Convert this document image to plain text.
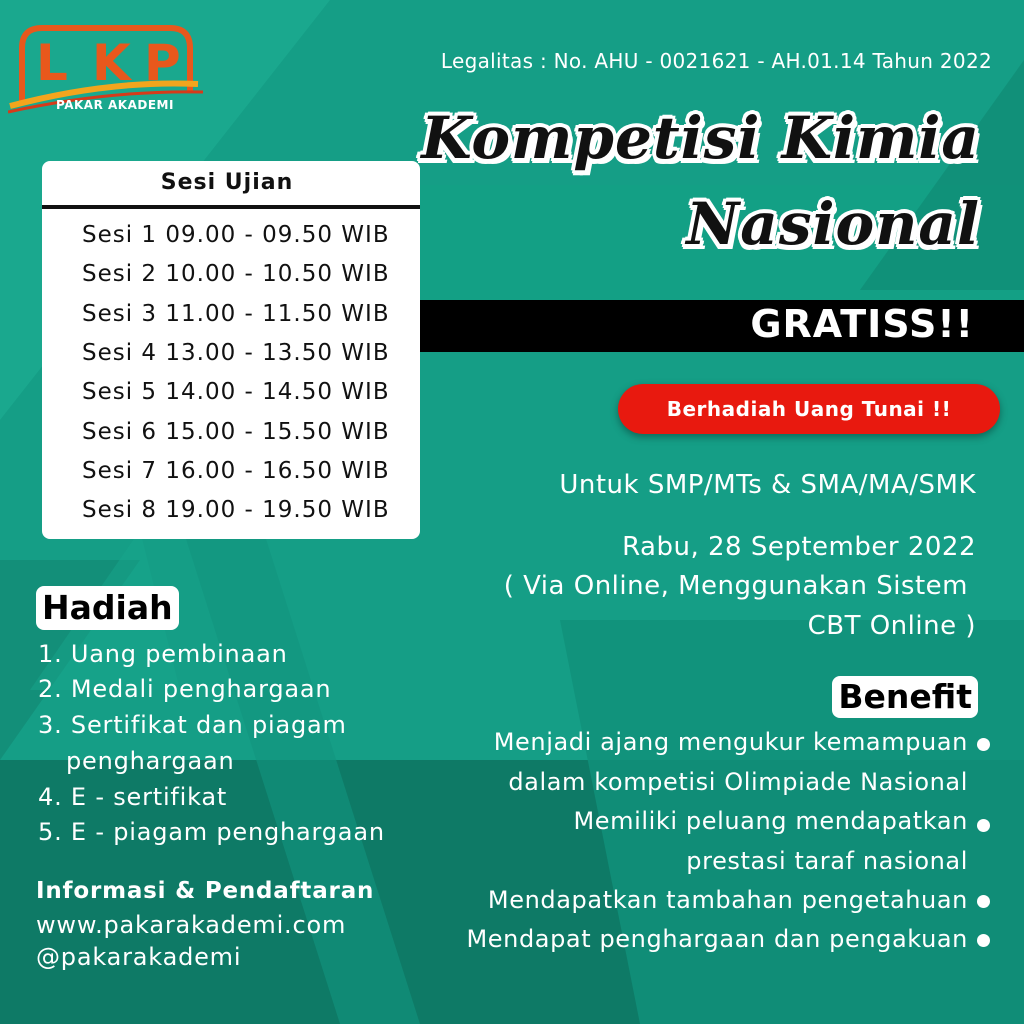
L K P
PAKAR AKADEMI
Legalitas : No. AHU - 0021621 - AH.01.14 Tahun 2022
Kompetisi Kimia
Nasional
GRATISS!!
Berhadiah Uang Tunai !!
Untuk SMP/MTs & SMA/MA/SMK
Rabu, 28 September 2022
( Via Online, Menggunakan Sistem
CBT Online )
Benefit
Menjadi ajang mengukur kemampuan
dalam kompetisi Olimpiade Nasional
Memiliki peluang mendapatkan
prestasi taraf nasional
Mendapatkan tambahan pengetahuan
Mendapat penghargaan dan pengakuan
Sesi Ujian
Sesi 1 09.00 - 09.50 WIB
Sesi 2 10.00 - 10.50 WIB
Sesi 3 11.00 - 11.50 WIB
Sesi 4 13.00 - 13.50 WIB
Sesi 5 14.00 - 14.50 WIB
Sesi 6 15.00 - 15.50 WIB
Sesi 7 16.00 - 16.50 WIB
Sesi 8 19.00 - 19.50 WIB
Hadiah
1. Uang pembinaan
2. Medali penghargaan
3. Sertifikat dan piagam
penghargaan
4. E - sertifikat
5. E - piagam penghargaan
Informasi & Pendaftaran
www.pakarakademi.com
@pakarakademi
